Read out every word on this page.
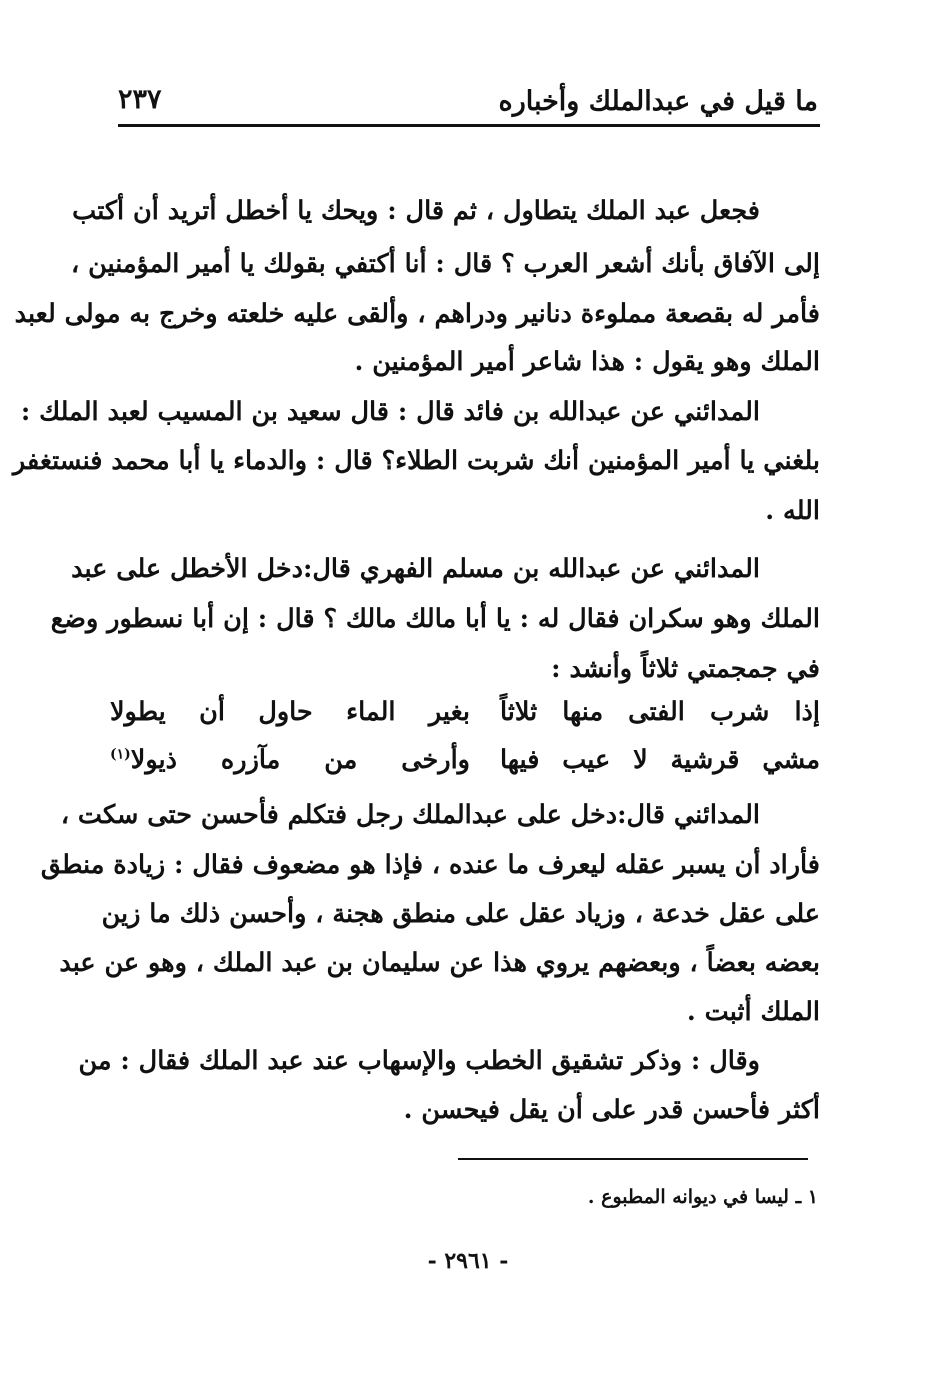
ما قيل في عبدالملك وأخباره
٢٣٧
فجعل عبد الملك يتطاول ، ثم قال : ويحك يا أخطل أتريد أن أكتب
إلى الآفاق بأنك أشعر العرب ؟ قال : أنا أكتفي بقولك يا أمير المؤمنين ،
فأمر له بقصعة مملوءة دنانير ودراهم ، وألقى عليه خلعته وخرج به مولى لعبد
الملك وهو يقول : هذا شاعر أمير المؤمنين .
المدائني عن عبدالله بن فائد قال : قال سعيد بن المسيب لعبد الملك :
بلغني يا أمير المؤمنين أنك شربت الطلاء؟ قال : والدماء يا أبا محمد فنستغفر
الله .
المدائني عن عبدالله بن مسلم الفهري قال:دخل الأخطل على عبد
الملك وهو سكران فقال له : يا أبا مالك مالك ؟ قال : إن أبا نسطور وضع
في جمجمتي ثلاثاً وأنشد :
إذا شرب الفتى منها ثلاثاً
بغير الماء حاول أن يطولا
مشي قرشية لا عيب فيها
وأرخى من مآزره ذيولا$^{(١)}$
المدائني قال:دخل على عبدالملك رجل فتكلم فأحسن حتى سكت ،
فأراد أن يسبر عقله ليعرف ما عنده ، فإذا هو مضعوف فقال : زيادة منطق
على عقل خدعة ، وزياد عقل على منطق هجنة ، وأحسن ذلك ما زين
بعضه بعضاً ، وبعضهم يروي هذا عن سليمان بن عبد الملك ، وهو عن عبد
الملك أثبت .
وقال : وذكر تشقيق الخطب والإسهاب عند عبد الملك فقال : من
أكثر فأحسن قدر على أن يقل فيحسن .
١ ـ ليسا في ديوانه المطبوع .
- ٢٩٦١ -
